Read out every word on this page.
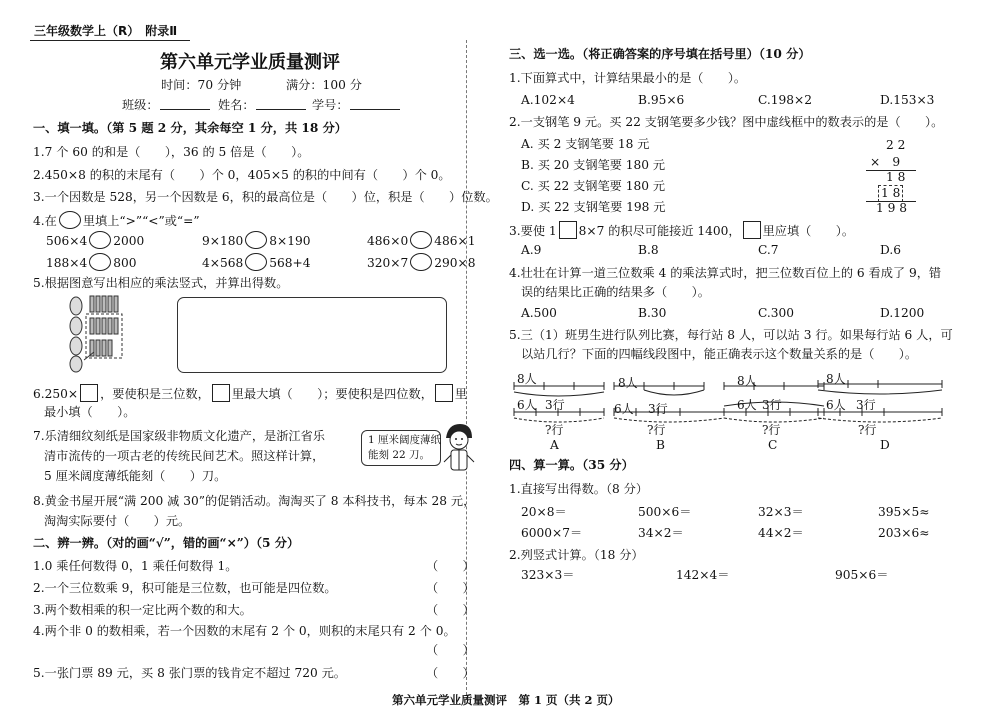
三年级数学上（R）　 附录Ⅱ
第六单元学业质量测评
时间：70 分钟	满分：100 分
班级：	姓名：	学号：
一、填一填。（第 5 题 2 分，其余每空 1 分，共 18 分）
1.7 个 60 的和是（　　），36 的 5 倍是（　　）。
2.450×8 的积的末尾有（　　）个 0，405×5 的积的中间有（　　）个 0。
3.一个因数是 528，另一个因数是 6，积的最高位是（　　）位，积是（　　）位数。
4.在 里填上“>”“<”或“=”
506×4 2000	9×180 8×190	486×0 486×1
188×4 800	4×568 568+4	320×7 290×8
5.根据图意写出相应的乘法竖式，并算出得数。
6.250× ，要使积是三位数， 里最大填（　　）；要使积是四位数， 里
最小填（　　）。
7.乐清细纹刻纸是国家级非物质文化遗产，是浙江省乐
清市流传的一项古老的传统民间艺术。照这样计算，
5 厘米阔度薄纸能刻（　　）刀。
1 厘米阔度薄纸
能刻 22 刀。
8.黄金书屋开展“满 200 减 30”的促销活动。淘淘买了 8 本科技书，每本 28 元，
淘淘实际要付（　　）元。
二、辨一辨。（对的画“√”，错的画“×”）（5 分）
1.0 乘任何数得 0，1 乘任何数得 1。	（　　）
2.一个三位数乘 9，积可能是三位数，也可能是四位数。	（　　）
3.两个数相乘的积一定比两个数的和大。	（　　）
4.两个非 0 的数相乘，若一个因数的末尾有 2 个 0，则积的末尾只有 2 个 0。
（　　）
5.一张门票 89 元，买 8 张门票的钱肯定不超过 720 元。	（　　）
三、选一选。（将正确答案的序号填在括号里）（10 分）
1.下面算式中，计算结果最小的是（　　）。
A.102×4	B.95×6	C.198×2	D.153×3
2.一支钢笔 9 元。买 22 支钢笔要多少钱？图中虚线框中的数表示的是（　　）。
A. 买 2 支钢笔要 18 元
B. 买 20 支钢笔要 180 元
C. 买 22 支钢笔要 180 元
D. 买 22 支钢笔要 198 元
2 2
×　9
1 8
1 8
1 9 8
3.要使 1 8×7 的积尽可能接近 1400， 里应填（　　）。
A.9	B.8	C.7	D.6
4.壮壮在计算一道三位数乘 4 的乘法算式时，把三位数百位上的 6 看成了 9，错
误的结果比正确的结果多（　　）。
A.500	B.30	C.300	D.1200
5.三（1）班男生进行队列比赛，每行站 8 人，可以站 3 行。如果每行站 6 人，可
以站几行？下面的四幅线段图中，能正确表示这个数量关系的是（　　）。
8人
6人 3行
?行
8人
6人 3行
?行
8人
6人 3行
?行
8人
6人 3行
?行
A	B	C	D
四、算一算。（35 分）
1.直接写出得数。（8 分）
20×8＝	500×6＝	32×3＝	395×5≈
6000×7＝	34×2＝	44×2＝	203×6≈
2.列竖式计算。（18 分）
323×3＝	142×4＝	905×6＝
第六单元学业质量测评　第 1 页（共 2 页）
